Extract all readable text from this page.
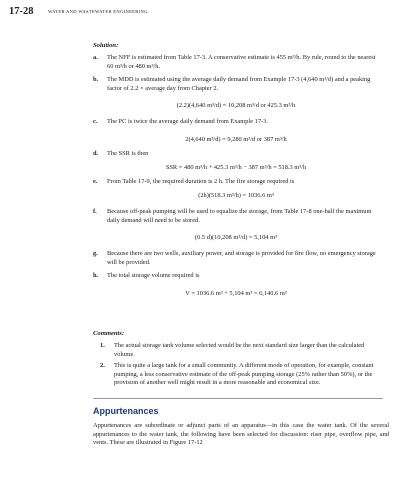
17-28	WATER AND WASTEWATER ENGINEERING
Solution:
a. The NFF is estimated from Table 17-3. A conservative estimate is 455 m³/h. By rule, round to the nearest 60 m³/h or 480 m³/h.
b. The MDD is estimated using the average daily demand from Example 17-3 (4,640 m³/d) and a peaking factor of 2.2 × average day from Chapter 2.
(2.2)(4,640 m³/d) = 10,208 m³/d or 425.3 m³/h
c. The PC is twice the average daily demand from Example 17-3.
2(4,640 m³/d) = 9,280 m³/d or 387 m³/h
d. The SSR is then
SSR = 480 m³/h + 425.3 m³/h − 387 m³/h = 518.3 m³/h
e. From Table 17-9, the required duration is 2 h. The fire storage required is
(2h)(518.3 m³/h) = 1036.6 m³
f. Because off-peak pumping will be used to equalize the storage, from Table 17-8 one-half the maximum daily demand will need to be stored.
(0.5 d)(10,208 m³/d) = 5,104 m³
g. Because there are two wells, auxiliary power, and storage is provided for fire flow, no emergency storage will be provided.
h. The total storage volume required is
V = 1036.6 m³ + 5,104 m³ = 6,140.6 m³
Comments:
1. The actual storage tank volume selected would be the next standard size larger than the calculated volume.
2. This is quite a large tank for a small community. A different mode of operation, for example, constant pumping, a less conservative estimate of the off-peak pumping storage (25% rather than 50%), or the provision of another well might result in a more reasonable and economical size.
Appurtenances
Appurtenances are subordinate or adjunct parts of an apparatus—in this case the water tank. Of the several appurtenances to the water tank, the following have been selected for discussion: riser pipe, overflow pipe, and vents. These are illustrated in Figure 17-12
